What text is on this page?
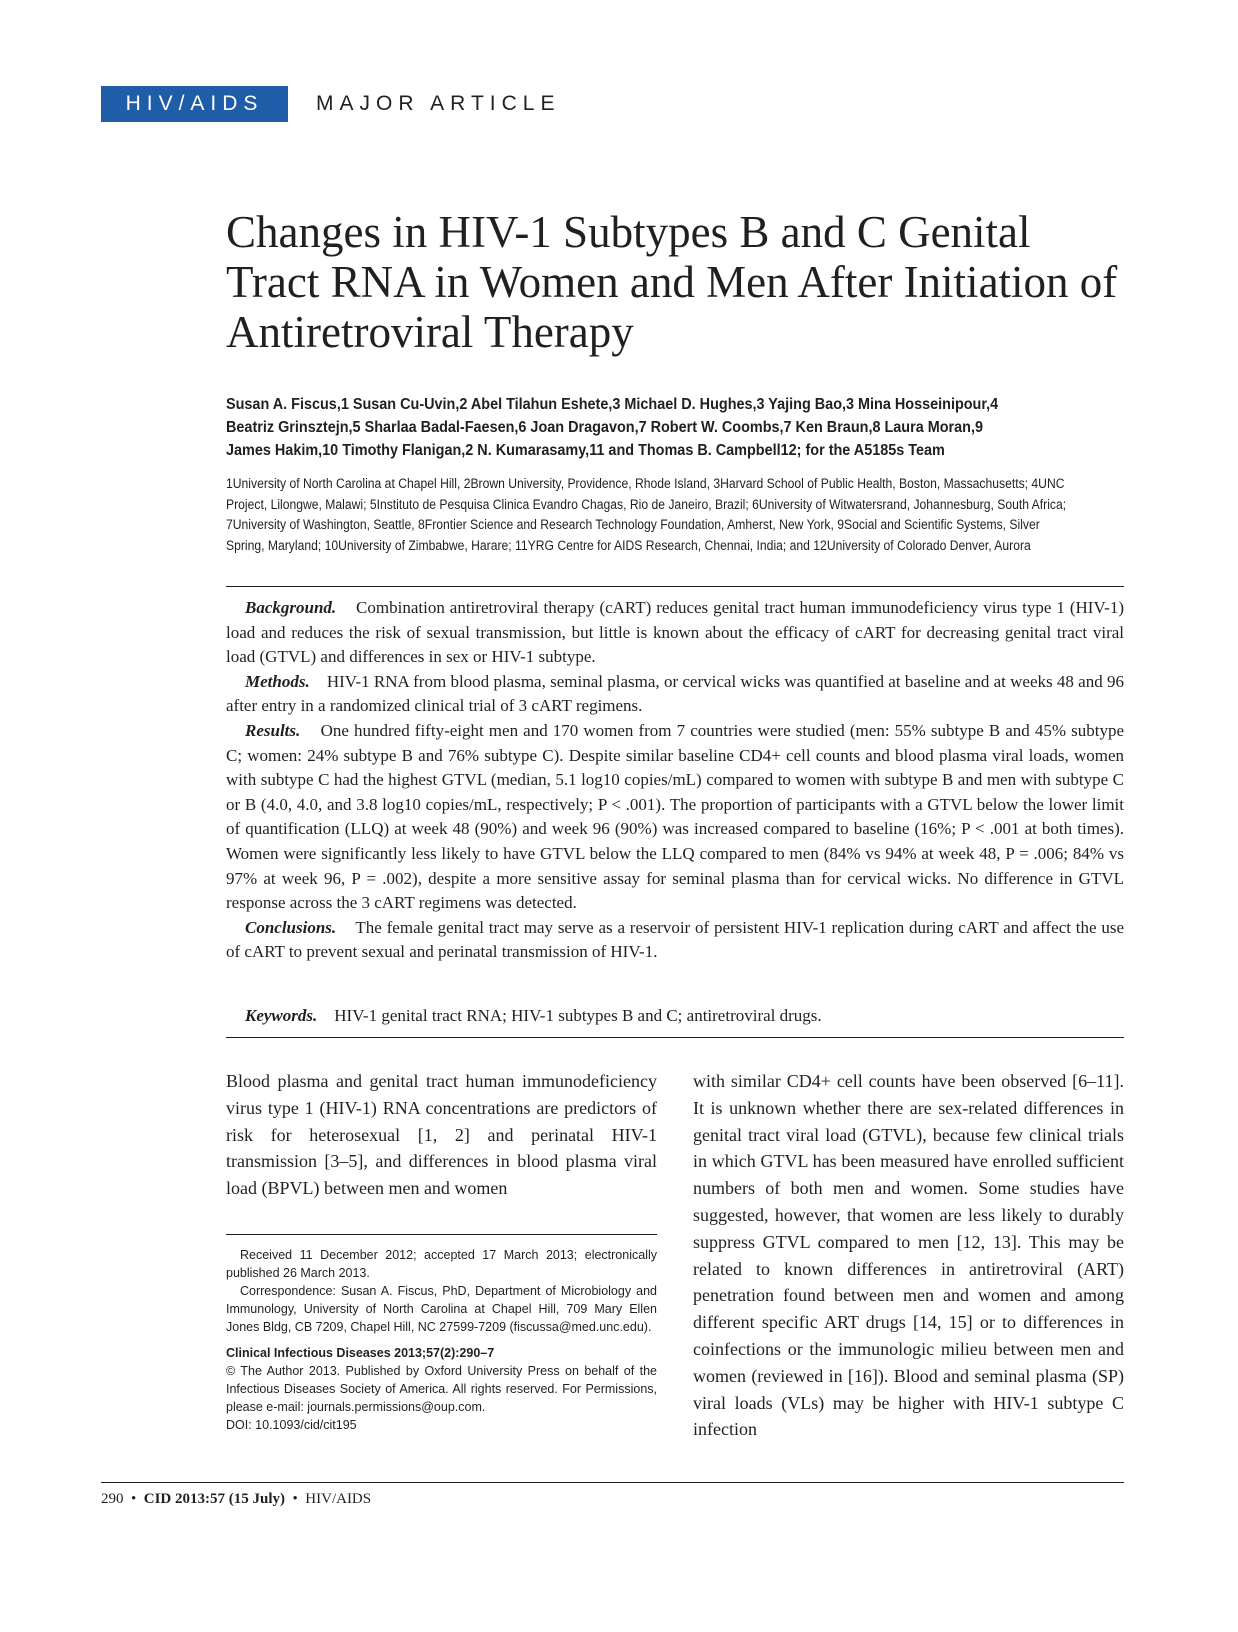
HIV/AIDS	MAJOR ARTICLE
Changes in HIV-1 Subtypes B and C Genital Tract RNA in Women and Men After Initiation of Antiretroviral Therapy
Susan A. Fiscus,1 Susan Cu-Uvin,2 Abel Tilahun Eshete,3 Michael D. Hughes,3 Yajing Bao,3 Mina Hosseinipour,4
Beatriz Grinsztejn,5 Sharlaa Badal-Faesen,6 Joan Dragavon,7 Robert W. Coombs,7 Ken Braun,8 Laura Moran,9
James Hakim,10 Timothy Flanigan,2 N. Kumarasamy,11 and Thomas B. Campbell12; for the A5185s Team
1University of North Carolina at Chapel Hill, 2Brown University, Providence, Rhode Island, 3Harvard School of Public Health, Boston, Massachusetts; 4UNC Project, Lilongwe, Malawi; 5Instituto de Pesquisa Clinica Evandro Chagas, Rio de Janeiro, Brazil; 6University of Witwatersrand, Johannesburg, South Africa; 7University of Washington, Seattle, 8Frontier Science and Research Technology Foundation, Amherst, New York, 9Social and Scientific Systems, Silver Spring, Maryland; 10University of Zimbabwe, Harare; 11YRG Centre for AIDS Research, Chennai, India; and 12University of Colorado Denver, Aurora

Background. Combination antiretroviral therapy (cART) reduces genital tract human immunodeficiency virus type 1 (HIV-1) load and reduces the risk of sexual transmission, but little is known about the efficacy of cART for decreasing genital tract viral load (GTVL) and differences in sex or HIV-1 subtype.

Methods. HIV-1 RNA from blood plasma, seminal plasma, or cervical wicks was quantified at baseline and at weeks 48 and 96 after entry in a randomized clinical trial of 3 cART regimens.

Results. One hundred fifty-eight men and 170 women from 7 countries were studied (men: 55% subtype B and 45% subtype C; women: 24% subtype B and 76% subtype C). Despite similar baseline CD4+ cell counts and blood plasma viral loads, women with subtype C had the highest GTVL (median, 5.1 log10 copies/mL) compared to women with subtype B and men with subtype C or B (4.0, 4.0, and 3.8 log10 copies/mL, respectively; P < .001). The proportion of participants with a GTVL below the lower limit of quantification (LLQ) at week 48 (90%) and week 96 (90%) was increased compared to baseline (16%; P < .001 at both times). Women were significantly less likely to have GTVL below the LLQ compared to men (84% vs 94% at week 48, P = .006; 84% vs 97% at week 96, P = .002), despite a more sensitive assay for seminal plasma than for cervical wicks. No difference in GTVL response across the 3 cART regimens was detected.

Conclusions. The female genital tract may serve as a reservoir of persistent HIV-1 replication during cART and affect the use of cART to prevent sexual and perinatal transmission of HIV-1.

Keywords. HIV-1 genital tract RNA; HIV-1 subtypes B and C; antiretroviral drugs.

Blood plasma and genital tract human immunodeficiency virus type 1 (HIV-1) RNA concentrations are predictors of risk for heterosexual [1, 2] and perinatal HIV-1 transmission [3–5], and differences in blood plasma viral load (BPVL) between men and women

with similar CD4+ cell counts have been observed [6–11]. It is unknown whether there are sex-related differences in genital tract viral load (GTVL), because few clinical trials in which GTVL has been measured have enrolled sufficient numbers of both men and women. Some studies have suggested, however, that women are less likely to durably suppress GTVL compared to men [12, 13]. This may be related to known differences in antiretroviral (ART) penetration found between men and women and among different specific ART drugs [14, 15] or to differences in coinfections or the immunologic milieu between men and women (reviewed in [16]). Blood and seminal plasma (SP) viral loads (VLs) may be higher with HIV-1 subtype C infection

Received 11 December 2012; accepted 17 March 2013; electronically published 26 March 2013.

Correspondence: Susan A. Fiscus, PhD, Department of Microbiology and Immunology, University of North Carolina at Chapel Hill, 709 Mary Ellen Jones Bldg, CB 7209, Chapel Hill, NC 27599-7209 (fiscussa@med.unc.edu).

Clinical Infectious Diseases 2013;57(2):290–7

© The Author 2013. Published by Oxford University Press on behalf of the Infectious Diseases Society of America. All rights reserved. For Permissions, please e-mail: journals.permissions@oup.com.

DOI: 10.1093/cid/cit195

290 • CID 2013:57 (15 July) • HIV/AIDS
